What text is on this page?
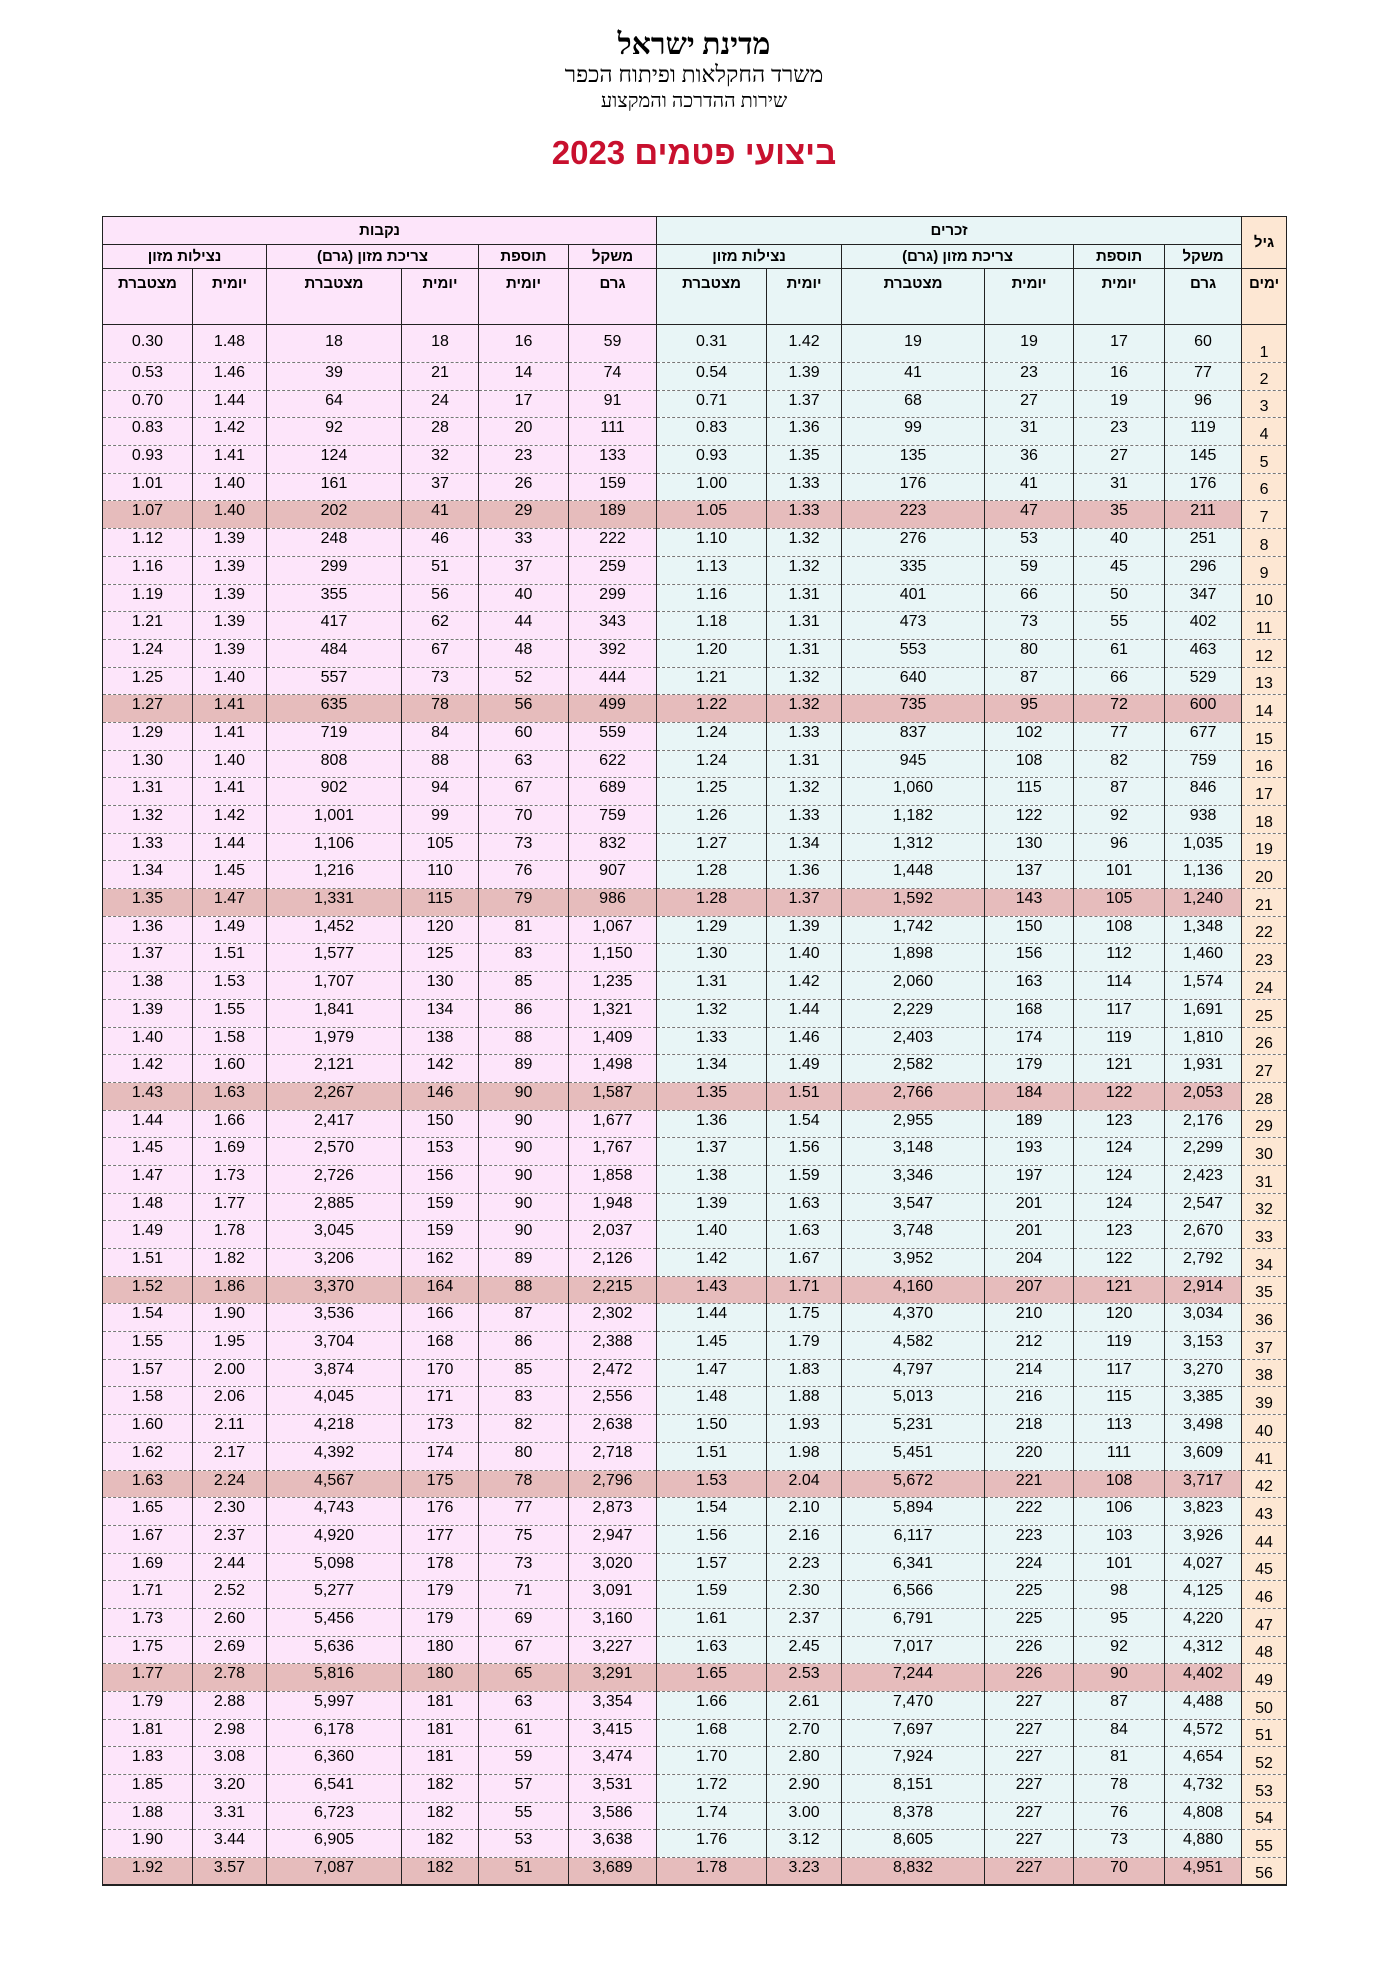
מדינת ישראל
משרד החקלאות ופיתוח הכפר
שירות ההדרכה והמקצוע
ביצועי פטמים 2023
נקבות						זכרים						גיל
נצילות מזון		צריכת מזון (גרם)		תוספת	משקל	נצילות מזון		צריכת מזון (גרם)		תוספת	משקל	
מצטברת	יומית	מצטברת	יומית	יומית	גרם	מצטברת	יומית	מצטברת	יומית	יומית	גרם	ימים
0.30	1.48	18	18	16	59	0.31	1.42	19	19	17	60	1
0.53	1.46	39	21	14	74	0.54	1.39	41	23	16	77	2
0.70	1.44	64	24	17	91	0.71	1.37	68	27	19	96	3
0.83	1.42	92	28	20	111	0.83	1.36	99	31	23	119	4
0.93	1.41	124	32	23	133	0.93	1.35	135	36	27	145	5
1.01	1.40	161	37	26	159	1.00	1.33	176	41	31	176	6
1.07	1.40	202	41	29	189	1.05	1.33	223	47	35	211	7
1.12	1.39	248	46	33	222	1.10	1.32	276	53	40	251	8
1.16	1.39	299	51	37	259	1.13	1.32	335	59	45	296	9
1.19	1.39	355	56	40	299	1.16	1.31	401	66	50	347	10
1.21	1.39	417	62	44	343	1.18	1.31	473	73	55	402	11
1.24	1.39	484	67	48	392	1.20	1.31	553	80	61	463	12
1.25	1.40	557	73	52	444	1.21	1.32	640	87	66	529	13
1.27	1.41	635	78	56	499	1.22	1.32	735	95	72	600	14
1.29	1.41	719	84	60	559	1.24	1.33	837	102	77	677	15
1.30	1.40	808	88	63	622	1.24	1.31	945	108	82	759	16
1.31	1.41	902	94	67	689	1.25	1.32	1,060	115	87	846	17
1.32	1.42	1,001	99	70	759	1.26	1.33	1,182	122	92	938	18
1.33	1.44	1,106	105	73	832	1.27	1.34	1,312	130	96	1,035	19
1.34	1.45	1,216	110	76	907	1.28	1.36	1,448	137	101	1,136	20
1.35	1.47	1,331	115	79	986	1.28	1.37	1,592	143	105	1,240	21
1.36	1.49	1,452	120	81	1,067	1.29	1.39	1,742	150	108	1,348	22
1.37	1.51	1,577	125	83	1,150	1.30	1.40	1,898	156	112	1,460	23
1.38	1.53	1,707	130	85	1,235	1.31	1.42	2,060	163	114	1,574	24
1.39	1.55	1,841	134	86	1,321	1.32	1.44	2,229	168	117	1,691	25
1.40	1.58	1,979	138	88	1,409	1.33	1.46	2,403	174	119	1,810	26
1.42	1.60	2,121	142	89	1,498	1.34	1.49	2,582	179	121	1,931	27
1.43	1.63	2,267	146	90	1,587	1.35	1.51	2,766	184	122	2,053	28
1.44	1.66	2,417	150	90	1,677	1.36	1.54	2,955	189	123	2,176	29
1.45	1.69	2,570	153	90	1,767	1.37	1.56	3,148	193	124	2,299	30
1.47	1.73	2,726	156	90	1,858	1.38	1.59	3,346	197	124	2,423	31
1.48	1.77	2,885	159	90	1,948	1.39	1.63	3,547	201	124	2,547	32
1.49	1.78	3,045	159	90	2,037	1.40	1.63	3,748	201	123	2,670	33
1.51	1.82	3,206	162	89	2,126	1.42	1.67	3,952	204	122	2,792	34
1.52	1.86	3,370	164	88	2,215	1.43	1.71	4,160	207	121	2,914	35
1.54	1.90	3,536	166	87	2,302	1.44	1.75	4,370	210	120	3,034	36
1.55	1.95	3,704	168	86	2,388	1.45	1.79	4,582	212	119	3,153	37
1.57	2.00	3,874	170	85	2,472	1.47	1.83	4,797	214	117	3,270	38
1.58	2.06	4,045	171	83	2,556	1.48	1.88	5,013	216	115	3,385	39
1.60	2.11	4,218	173	82	2,638	1.50	1.93	5,231	218	113	3,498	40
1.62	2.17	4,392	174	80	2,718	1.51	1.98	5,451	220	111	3,609	41
1.63	2.24	4,567	175	78	2,796	1.53	2.04	5,672	221	108	3,717	42
1.65	2.30	4,743	176	77	2,873	1.54	2.10	5,894	222	106	3,823	43
1.67	2.37	4,920	177	75	2,947	1.56	2.16	6,117	223	103	3,926	44
1.69	2.44	5,098	178	73	3,020	1.57	2.23	6,341	224	101	4,027	45
1.71	2.52	5,277	179	71	3,091	1.59	2.30	6,566	225	98	4,125	46
1.73	2.60	5,456	179	69	3,160	1.61	2.37	6,791	225	95	4,220	47
1.75	2.69	5,636	180	67	3,227	1.63	2.45	7,017	226	92	4,312	48
1.77	2.78	5,816	180	65	3,291	1.65	2.53	7,244	226	90	4,402	49
1.79	2.88	5,997	181	63	3,354	1.66	2.61	7,470	227	87	4,488	50
1.81	2.98	6,178	181	61	3,415	1.68	2.70	7,697	227	84	4,572	51
1.83	3.08	6,360	181	59	3,474	1.70	2.80	7,924	227	81	4,654	52
1.85	3.20	6,541	182	57	3,531	1.72	2.90	8,151	227	78	4,732	53
1.88	3.31	6,723	182	55	3,586	1.74	3.00	8,378	227	76	4,808	54
1.90	3.44	6,905	182	53	3,638	1.76	3.12	8,605	227	73	4,880	55
1.92	3.57	7,087	182	51	3,689	1.78	3.23	8,832	227	70	4,951	56
